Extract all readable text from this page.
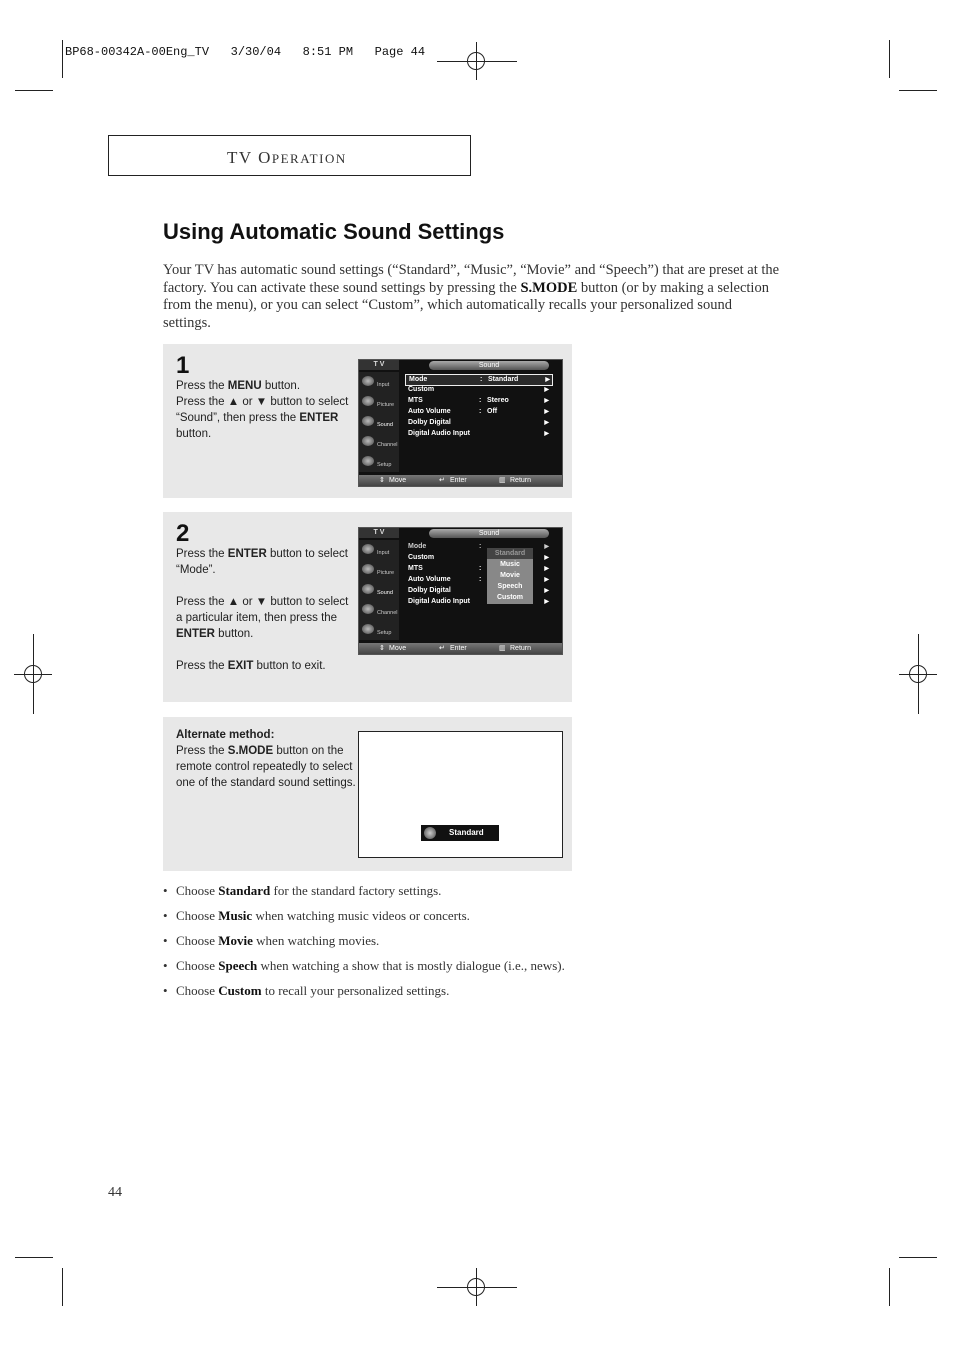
BP68-00342A-00Eng_TV   3/30/04   8:51 PM   Page 44
TV OPERATION
Using Automatic Sound Settings
Your TV has automatic sound settings (“Standard”, “Music”, “Movie” and “Speech”) that are preset at the factory. You can activate these sound settings by pressing the S.MODE button (or by making a selection from the menu), or you can select “Custom”, which automatically recalls your personalized sound settings.
1
Press the MENU button.
Press the ▲ or ▼ button to select “Sound”, then press the ENTER button.
T V	Sound
Input
Picture
Sound
Channel
Setup
Mode	: Standard	▶
Custom	▶
MTS	: Stereo	▶
Auto Volume	: Off	▶
Dolby Digital	▶
Digital Audio Input	▶
⇕ Move	↵ Enter	▥ Return
2
Press the ENTER button to select “Mode”.

Press the ▲ or ▼ button to select a particular item, then press the ENTER button.

Press the EXIT button to exit.
T V	Sound
Input
Picture
Sound
Channel
Setup
Mode	:	▶
Custom	▶
MTS	:	▶
Auto Volume	:	▶
Dolby Digital	▶
Digital Audio Input	▶
Standard
Music
Movie
Speech
Custom
⇕ Move	↵ Enter	▥ Return
Alternate method:
Press the S.MODE button on the remote control repeatedly to select one of the standard sound settings.
Standard
• Choose Standard for the standard factory settings.
• Choose Music when watching music videos or concerts.
• Choose Movie when watching movies.
• Choose Speech when watching a show that is mostly dialogue (i.e., news).
• Choose Custom to recall your personalized settings.
44
